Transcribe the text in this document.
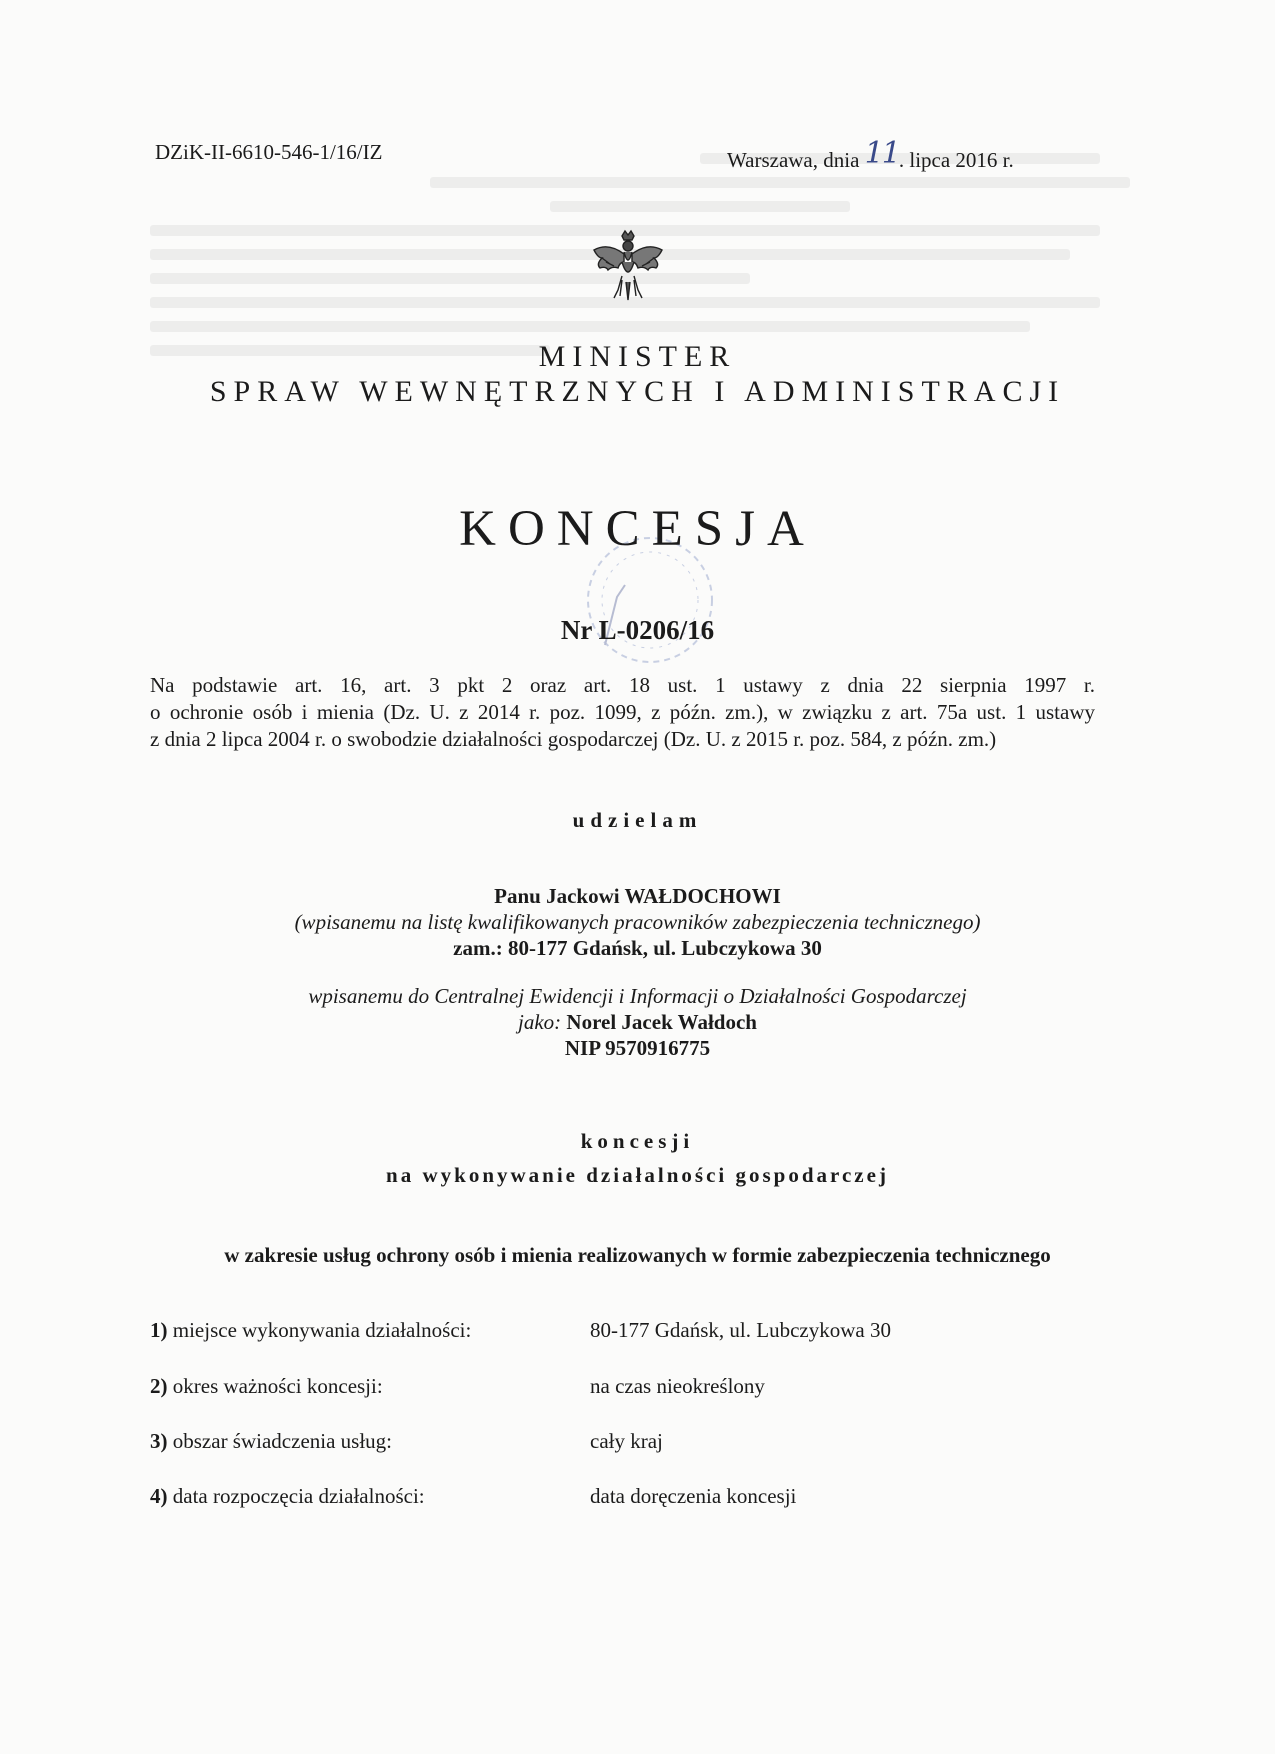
DZiK-II-6610-546-1/16/IZ	Warszawa, dnia 11. lipca 2016 r.
MINISTER
SPRAW WEWNĘTRZNYCH I ADMINISTRACJI
KONCESJA
Nr L-0206/16
Na podstawie art. 16, art. 3 pkt 2 oraz art. 18 ust. 1 ustawy z dnia 22 sierpnia 1997 r.
o ochronie osób i mienia (Dz. U. z 2014 r. poz. 1099, z późn. zm.), w związku z art. 75a ust. 1 ustawy
z dnia 2 lipca 2004 r. o swobodzie działalności gospodarczej (Dz. U. z 2015 r. poz. 584, z późn. zm.)
udzielam
Panu Jackowi WAŁDOCHOWI
(wpisanemu na listę kwalifikowanych pracowników zabezpieczenia technicznego)
zam.: 80-177 Gdańsk, ul. Lubczykowa 30
wpisanemu do Centralnej Ewidencji i Informacji o Działalności Gospodarczej
jako: Norel Jacek Wałdoch
NIP 9570916775
koncesji
na wykonywanie działalności gospodarczej
w zakresie usług ochrony osób i mienia realizowanych w formie zabezpieczenia technicznego
1) miejsce wykonywania działalności:	80-177 Gdańsk, ul. Lubczykowa 30
2) okres ważności koncesji:	na czas nieokreślony
3) obszar świadczenia usług:	cały kraj
4) data rozpoczęcia działalności:	data doręczenia koncesji
